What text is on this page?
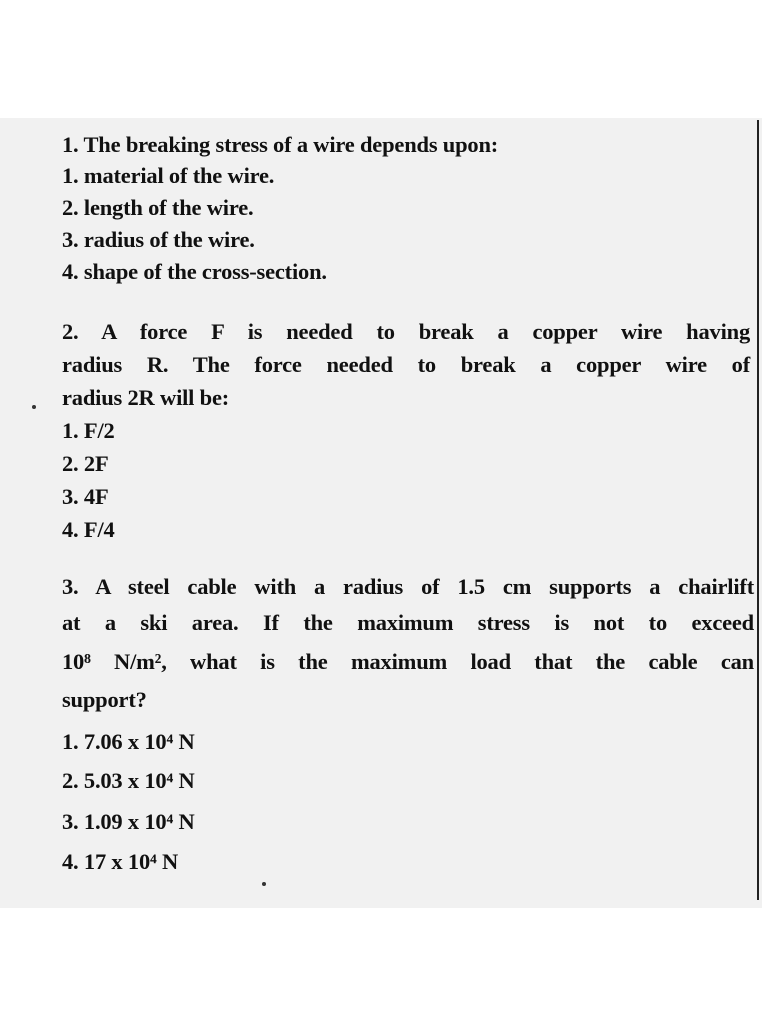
1. The breaking stress of a wire depends upon:

1. material of the wire.

2. length of the wire.

3. radius of the wire.

4. shape of the cross-section.

2. A force F is needed to break a copper wire having

radius R. The force needed to break a copper wire of

radius 2R will be:

1. F/2

2. 2F

3. 4F

4. F/4

3. A steel cable with a radius of 1.5 cm supports a chairlift

at a ski area. If the maximum stress is not to exceed

10⁸ N/m², what is the maximum load that the cable can

support?

1. 7.06 x 10⁴ N

2. 5.03 x 10⁴ N

3. 1.09 x 10⁴ N

4. 17 x 10⁴ N
